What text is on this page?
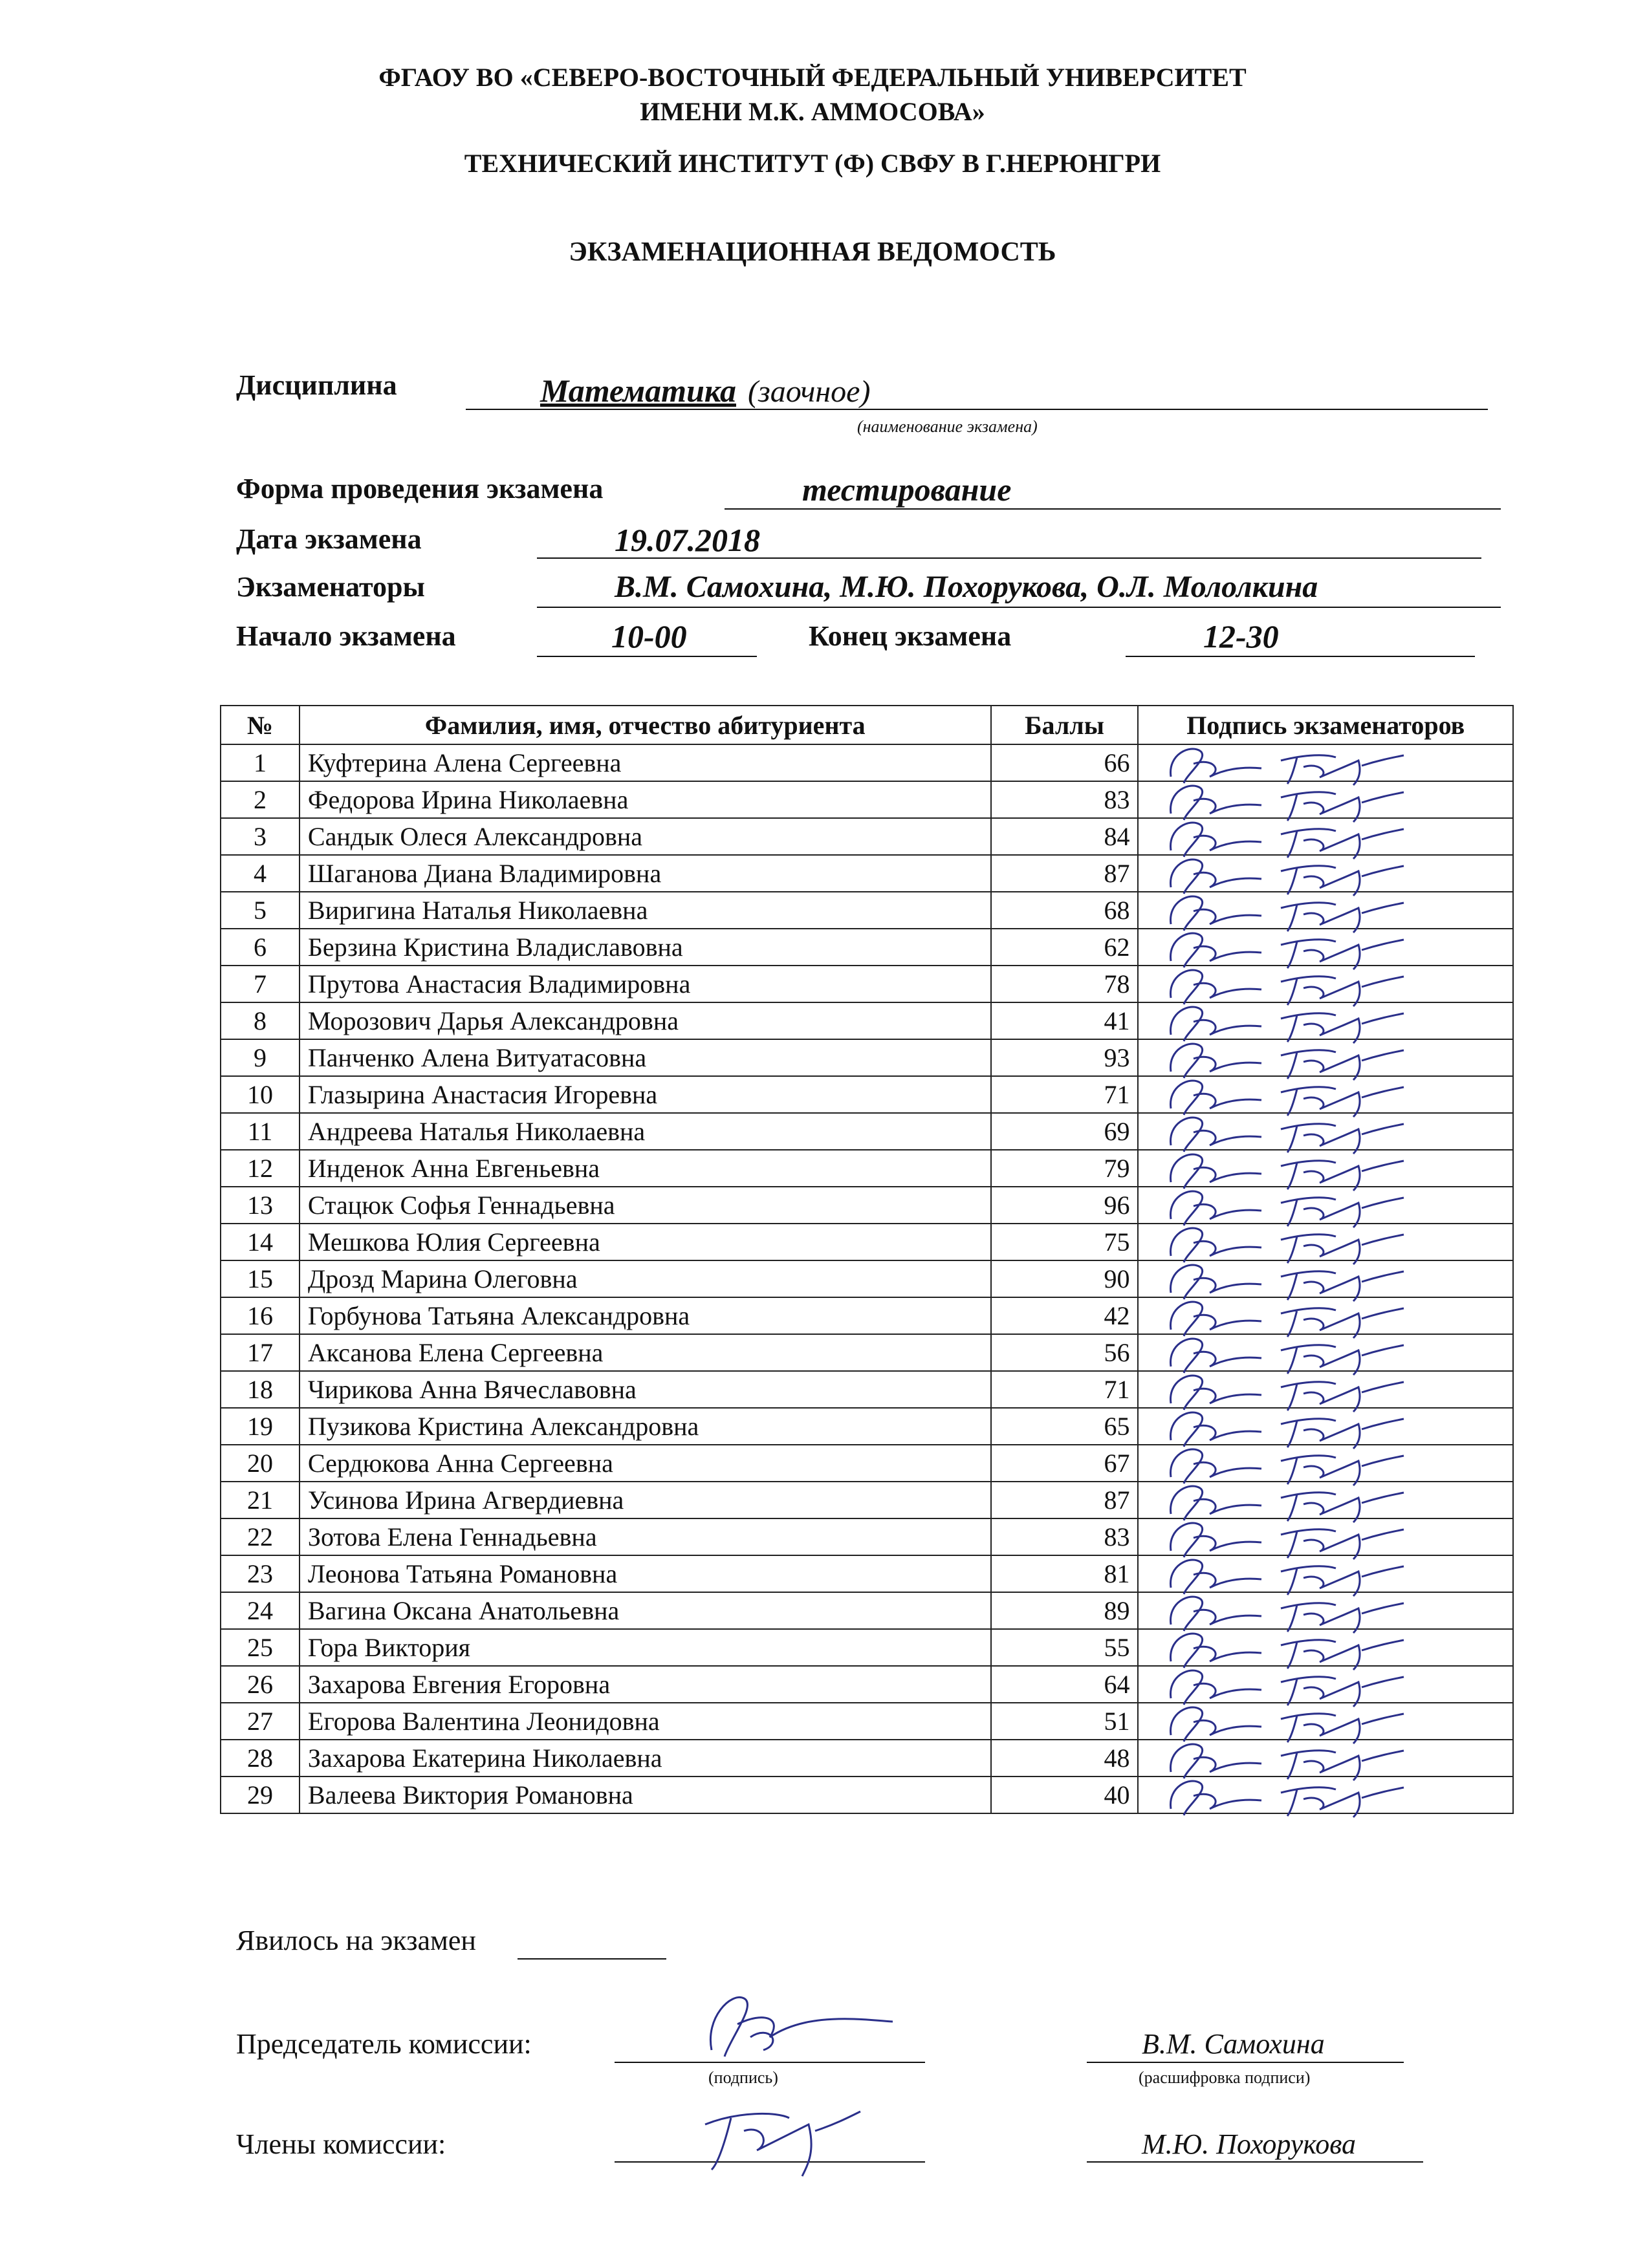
ФГАОУ ВО «СЕВЕРО-ВОСТОЧНЫЙ ФЕДЕРАЛЬНЫЙ УНИВЕРСИТЕТ
ИМЕНИ М.К. АММОСОВА»
ТЕХНИЧЕСКИЙ ИНСТИТУТ (Ф) СВФУ В Г.НЕРЮНГРИ
ЭКЗАМЕНАЦИОННАЯ ВЕДОМОСТЬ
Дисциплина	Математика (заочное)
(наименование экзамена)
Форма проведения экзамена	тестирование
Дата экзамена	19.07.2018
Экзаменаторы	В.М. Самохина, М.Ю. Похорукова, О.Л. Мололкина
Начало экзамена	10-00	Конец экзамена	12-30
№	Фамилия, имя, отчество абитуриента	Баллы	Подпись экзаменаторов
1	Куфтерина Алена Сергеевна	66	

2	Федорова Ирина Николаевна	83	

3	Сандык Олеся Александровна	84	

4	Шаганова Диана Владимировна	87	

5	Виригина Наталья Николаевна	68	

6	Берзина Кристина Владиславовна	62	

7	Прутова Анастасия Владимировна	78	

8	Морозович Дарья Александровна	41	

9	Панченко Алена Витуатасовна	93	

10	Глазырина Анастасия Игоревна	71	

11	Андреева Наталья Николаевна	69	

12	Инденок Анна Евгеньевна	79	

13	Стацюк Софья Геннадьевна	96	

14	Мешкова Юлия Сергеевна	75	

15	Дрозд Марина Олеговна	90	

16	Горбунова Татьяна Александровна	42	

17	Аксанова Елена Сергеевна	56	

18	Чирикова Анна Вячеславовна	71	

19	Пузикова Кристина Александровна	65	

20	Сердюкова Анна Сергеевна	67	

21	Усинова Ирина Агвердиевна	87	

22	Зотова Елена Геннадьевна	83	

23	Леонова Татьяна Романовна	81	

24	Вагина Оксана Анатольевна	89	

25	Гора Виктория	55	

26	Захарова Евгения Егоровна	64	

27	Егорова Валентина Леонидовна	51	

28	Захарова Екатерина Николаевна	48	

29	Валеева Виктория Романовна	40	
Явилось на экзамен
Председатель комиссии:
(подпись)
В.М. Самохина
(расшифровка подписи)
Члены комиссии:	М.Ю. Похорукова
